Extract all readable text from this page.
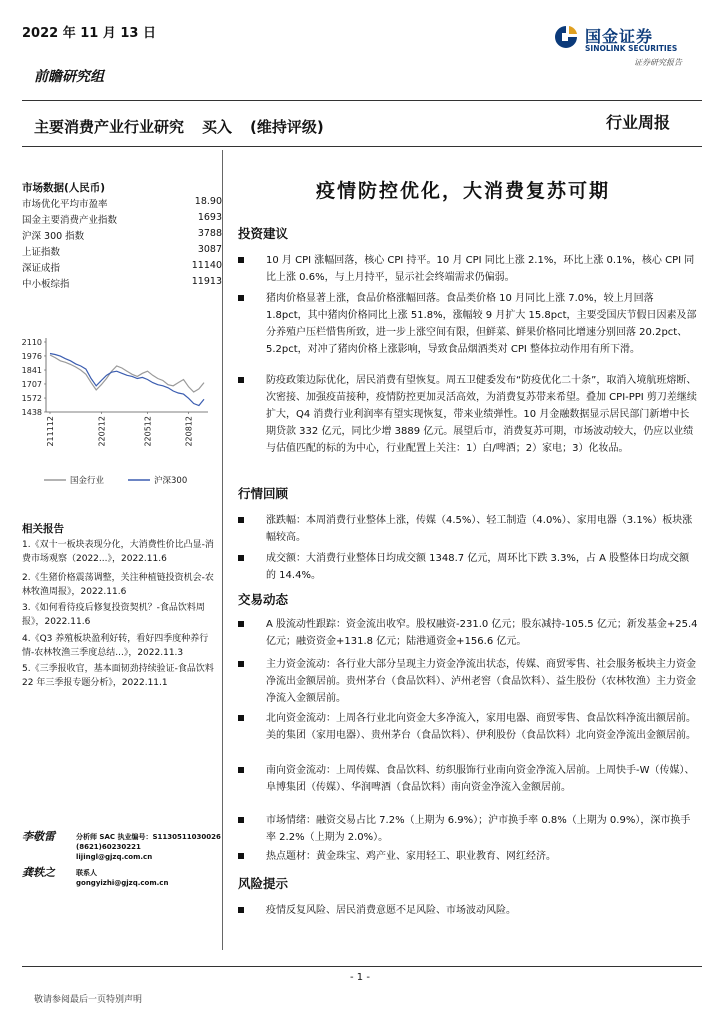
2022 年 11 月 13 日	国金证券
SINOLINK SECURITIES
证券研究报告
前瞻研究组
主要消费产业行业研究 买入 (维持评级)	行业周报
市场数据(人民币)
市场优化平均市盈率	18.90
国金主要消费产业指数	1693
沪深 300 指数	3788
上证指数	3087
深证成指	11140
中小板综指	11913
2110
1976
1841
1707
1572
1438
211112	220212	220512	220812
国金行业	沪深300
相关报告
1.《双十一板块表现分化，大消费性价比凸显-消费市场观察（2022...》，2022.11.6
2.《生猪价格震荡调整，关注种植链投资机会-农林牧渔周报》，2022.11.6
3.《如何看待疫后修复投资契机？-食品饮料周报》，2022.11.6
4.《Q3 养殖板块盈利好转，看好四季度种养行情-农林牧渔三季度总结...》，2022.11.3
5.《三季报收官，基本面韧劲持续验证-食品饮料 22 年三季报专题分析》，2022.11.1
李敬雷	分析师 SAC 执业编号：S1130511030026
(8621)60230221
lijingl@gjzq.com.cn
龚轶之	联系人
gongyizhi@gjzq.com.cn
疫情防控优化，大消费复苏可期
投资建议
10 月 CPI 涨幅回落，核心 CPI 持平。10 月 CPI 同比上涨 2.1%，环比上涨 0.1%，核心 CPI 同比上涨 0.6%，与上月持平，显示社会终端需求仍偏弱。
猪肉价格显著上涨，食品价格涨幅回落。食品类价格 10 月同比上涨 7.0%，较上月回落 1.8pct，其中猪肉价格同比上涨 51.8%，涨幅较 9 月扩大 15.8pct，主要受国庆节假日因素及部分养殖户压栏惜售所致，进一步上涨空间有限，但鲜菜、鲜果价格同比增速分别回落 20.2pct、5.2pct，对冲了猪肉价格上涨影响，导致食品烟酒类对 CPI 整体拉动作用有所下滑。
防疫政策边际优化，居民消费有望恢复。周五卫健委发布“防疫优化二十条”，取消入境航班熔断、次密接、加强疫苗接种，疫情防控更加灵活高效，为消费复苏带来希望。叠加 CPI-PPI 剪刀差继续扩大，Q4 消费行业利润率有望实现恢复，带来业绩弹性。10 月金融数据显示居民部门新增中长期贷款 332 亿元，同比少增 3889 亿元。展望后市，消费复苏可期，市场波动较大，仍应以业绩与估值匹配的标的为中心，行业配置上关注：1）白/啤酒；2）家电；3）化妆品。
行情回顾
涨跌幅：本周消费行业整体上涨，传媒（4.5%）、轻工制造（4.0%）、家用电器（3.1%）板块涨幅较高。
成交额：大消费行业整体日均成交额 1348.7 亿元，周环比下跌 3.3%，占 A 股整体日均成交额的 14.4%。
交易动态
A 股流动性跟踪：资金流出收窄。股权融资-231.0 亿元；股东减持-105.5 亿元；新发基金+25.4 亿元；融资资金+131.8 亿元；陆港通资金+156.6 亿元。
主力资金流动：各行业大部分呈现主力资金净流出状态，传媒、商贸零售、社会服务板块主力资金净流出金额居前。贵州茅台（食品饮料）、泸州老窖（食品饮料）、益生股份（农林牧渔）主力资金净流入金额居前。
北向资金流动：上周各行业北向资金大多净流入，家用电器、商贸零售、食品饮料净流出额居前。美的集团（家用电器）、贵州茅台（食品饮料）、伊利股份（食品饮料）北向资金净流出金额居前。
南向资金流动：上周传媒、食品饮料、纺织服饰行业南向资金净流入居前。上周快手-W（传媒）、阜博集团（传媒）、华润啤酒（食品饮料）南向资金净流入金额居前。
市场情绪：融资交易占比 7.2%（上期为 6.9%）；沪市换手率 0.8%（上期为 0.9%），深市换手率 2.2%（上期为 2.0%）。
热点题材：黄金珠宝、鸡产业、家用轻工、职业教育、网红经济。
风险提示
疫情反复风险、居民消费意愿不足风险、市场波动风险。
- 1 -
敬请参阅最后一页特别声明
